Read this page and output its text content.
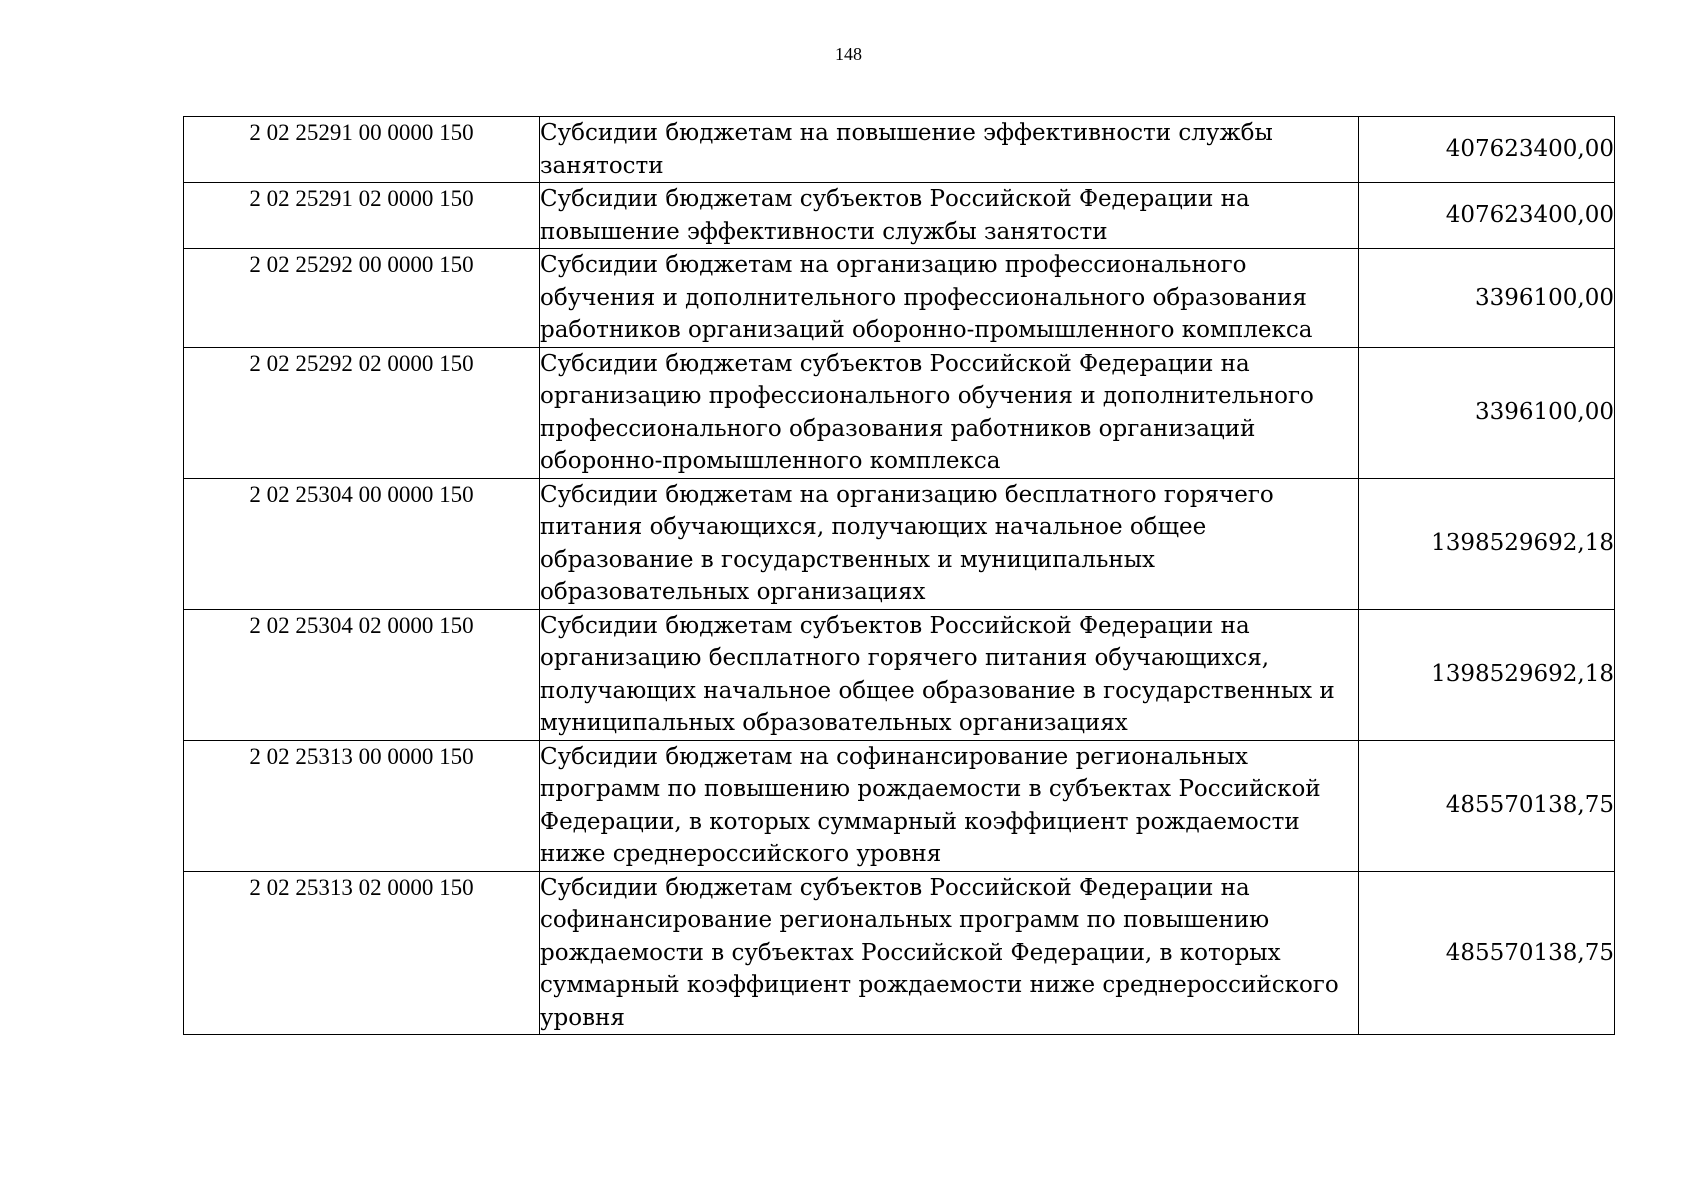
148
2 02 25291 00 0000 150	Субсидии бюджетам на повышение эффективности службы занятости	407623400,00
2 02 25291 02 0000 150	Субсидии бюджетам субъектов Российской Федерации на повышение эффективности службы занятости	407623400,00
2 02 25292 00 0000 150	Субсидии бюджетам на организацию профессионального обучения и дополнительного профессионального образования работников организаций оборонно-промышленного комплекса	3396100,00
2 02 25292 02 0000 150	Субсидии бюджетам субъектов Российской Федерации на организацию профессионального обучения и дополнительного профессионального образования работников организаций оборонно-промышленного комплекса	3396100,00
2 02 25304 00 0000 150	Субсидии бюджетам на организацию бесплатного горячего питания обучающихся, получающих начальное общее образование в государственных и муниципальных образовательных организациях	1398529692,18
2 02 25304 02 0000 150	Субсидии бюджетам субъектов Российской Федерации на организацию бесплатного горячего питания обучающихся, получающих начальное общее образование в государственных и муниципальных образовательных организациях	1398529692,18
2 02 25313 00 0000 150	Субсидии бюджетам на софинансирование региональных программ по повышению рождаемости в субъектах Российской Федерации, в которых суммарный коэффициент рождаемости ниже среднероссийского уровня	485570138,75
2 02 25313 02 0000 150	Субсидии бюджетам субъектов Российской Федерации на софинансирование региональных программ по повышению рождаемости в субъектах Российской Федерации, в которых суммарный коэффициент рождаемости ниже среднероссийского уровня	485570138,75
